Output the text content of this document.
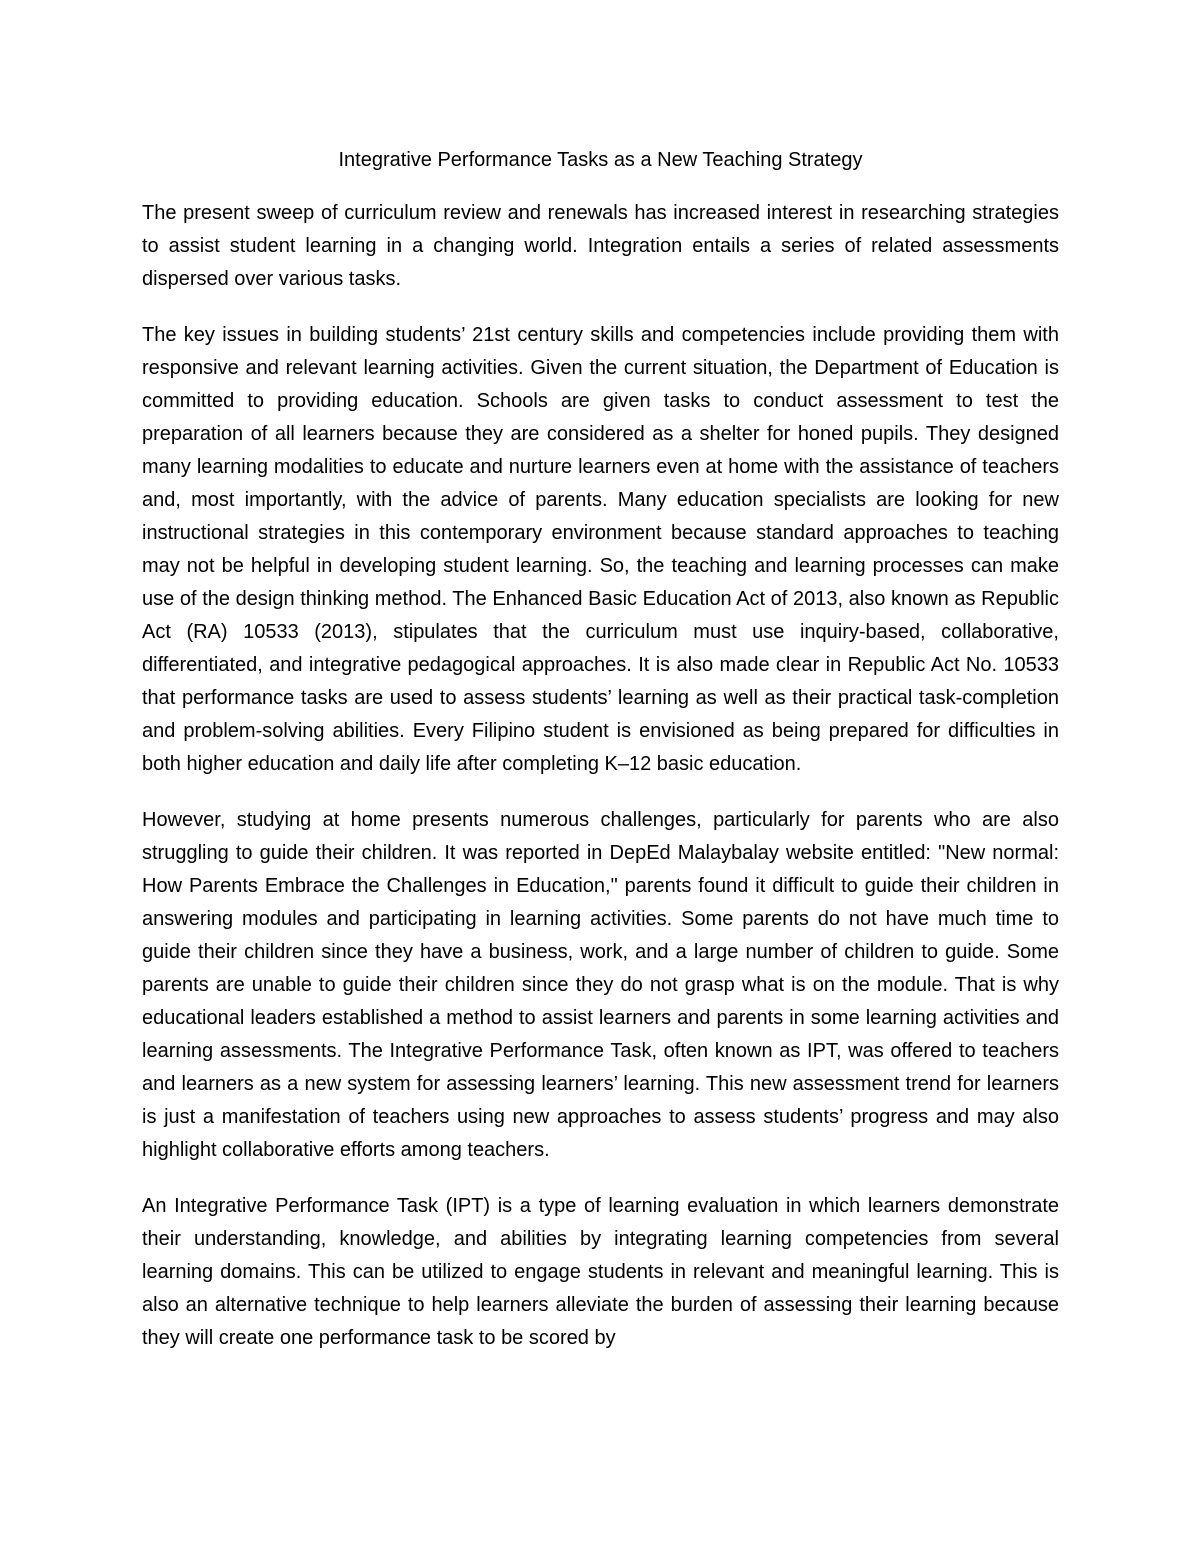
Integrative Performance Tasks as a New Teaching Strategy

The present sweep of curriculum review and renewals has increased interest in researching strategies to assist student learning in a changing world. Integration entails a series of related assessments dispersed over various tasks.

The key issues in building students’ 21st century skills and competencies include providing them with responsive and relevant learning activities. Given the current situation, the Department of Education is committed to providing education. Schools are given tasks to conduct assessment to test the preparation of all learners because they are considered as a shelter for honed pupils. They designed many learning modalities to educate and nurture learners even at home with the assistance of teachers and, most importantly, with the advice of parents. Many education specialists are looking for new instructional strategies in this contemporary environment because standard approaches to teaching may not be helpful in developing student learning. So, the teaching and learning processes can make use of the design thinking method. The Enhanced Basic Education Act of 2013, also known as Republic Act (RA) 10533 (2013), stipulates that the curriculum must use inquiry-based, collaborative, differentiated, and integrative pedagogical approaches. It is also made clear in Republic Act No. 10533 that performance tasks are used to assess students’ learning as well as their practical task-completion and problem-solving abilities. Every Filipino student is envisioned as being prepared for difficulties in both higher education and daily life after completing K–12 basic education.

However, studying at home presents numerous challenges, particularly for parents who are also struggling to guide their children. It was reported in DepEd Malaybalay website entitled: "New normal: How Parents Embrace the Challenges in Education," parents found it difficult to guide their children in answering modules and participating in learning activities. Some parents do not have much time to guide their children since they have a business, work, and a large number of children to guide. Some parents are unable to guide their children since they do not grasp what is on the module. That is why educational leaders established a method to assist learners and parents in some learning activities and learning assessments. The Integrative Performance Task, often known as IPT, was offered to teachers and learners as a new system for assessing learners’ learning. This new assessment trend for learners is just a manifestation of teachers using new approaches to assess students’ progress and may also highlight collaborative efforts among teachers.

An Integrative Performance Task (IPT) is a type of learning evaluation in which learners demonstrate their understanding, knowledge, and abilities by integrating learning competencies from several learning domains. This can be utilized to engage students in relevant and meaningful learning. This is also an alternative technique to help learners alleviate the burden of assessing their learning because they will create one performance task to be scored by
